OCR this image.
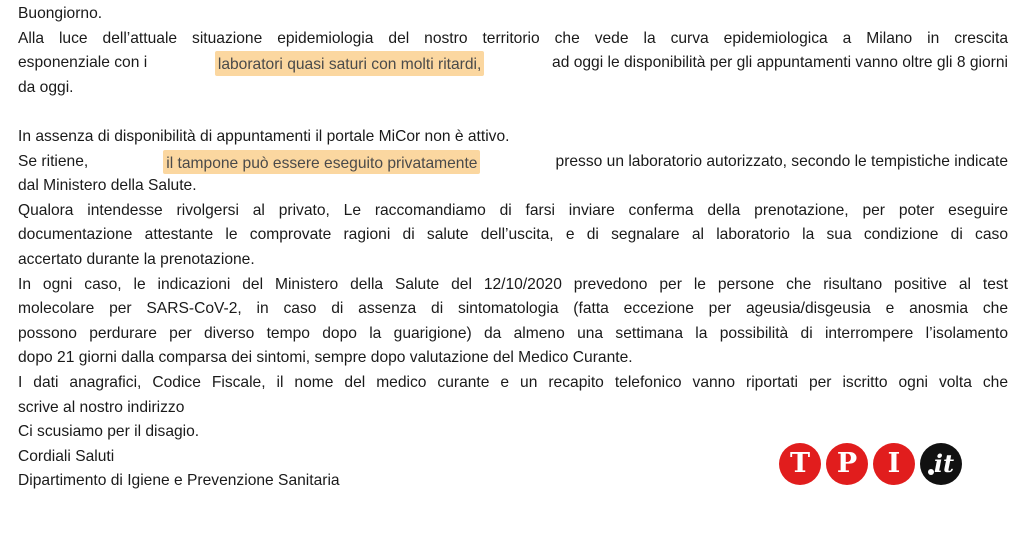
Buongiorno.
Alla luce dell’attuale situazione epidemiologia del nostro territorio che vede la curva epidemiologica a Milano in crescita
esponenziale con i	laboratori quasi saturi con molti ritardi,	ad oggi le disponibilità per gli appuntamenti vanno oltre gli 8 giorni
da oggi.
In assenza di disponibilità di appuntamenti il portale MiCor non è attivo.
Se ritiene,	il tampone può essere eseguito privatamente	presso un laboratorio autorizzato, secondo le tempistiche indicate
dal Ministero della Salute.
Qualora intendesse rivolgersi al privato, Le raccomandiamo di farsi inviare conferma della prenotazione, per poter eseguire
documentazione attestante le comprovate ragioni di salute dell’uscita, e di segnalare al laboratorio la sua condizione di caso
accertato durante la prenotazione.
In ogni caso, le indicazioni del Ministero della Salute del 12/10/2020 prevedono per le persone che risultano positive al test
molecolare per SARS-CoV-2, in caso di assenza di sintomatologia (fatta eccezione per ageusia/disgeusia e anosmia che
possono perdurare per diverso tempo dopo la guarigione) da almeno una settimana la possibilità di interrompere l’isolamento
dopo 21 giorni dalla comparsa dei sintomi, sempre dopo valutazione del Medico Curante.
I dati anagrafici, Codice Fiscale, il nome del medico curante e un recapito telefonico vanno riportati per iscritto ogni volta che
scrive al nostro indirizzo
Ci scusiamo per il disagio.
Cordiali Saluti
Dipartimento di Igiene e Prevenzione Sanitaria
T P	I	it
